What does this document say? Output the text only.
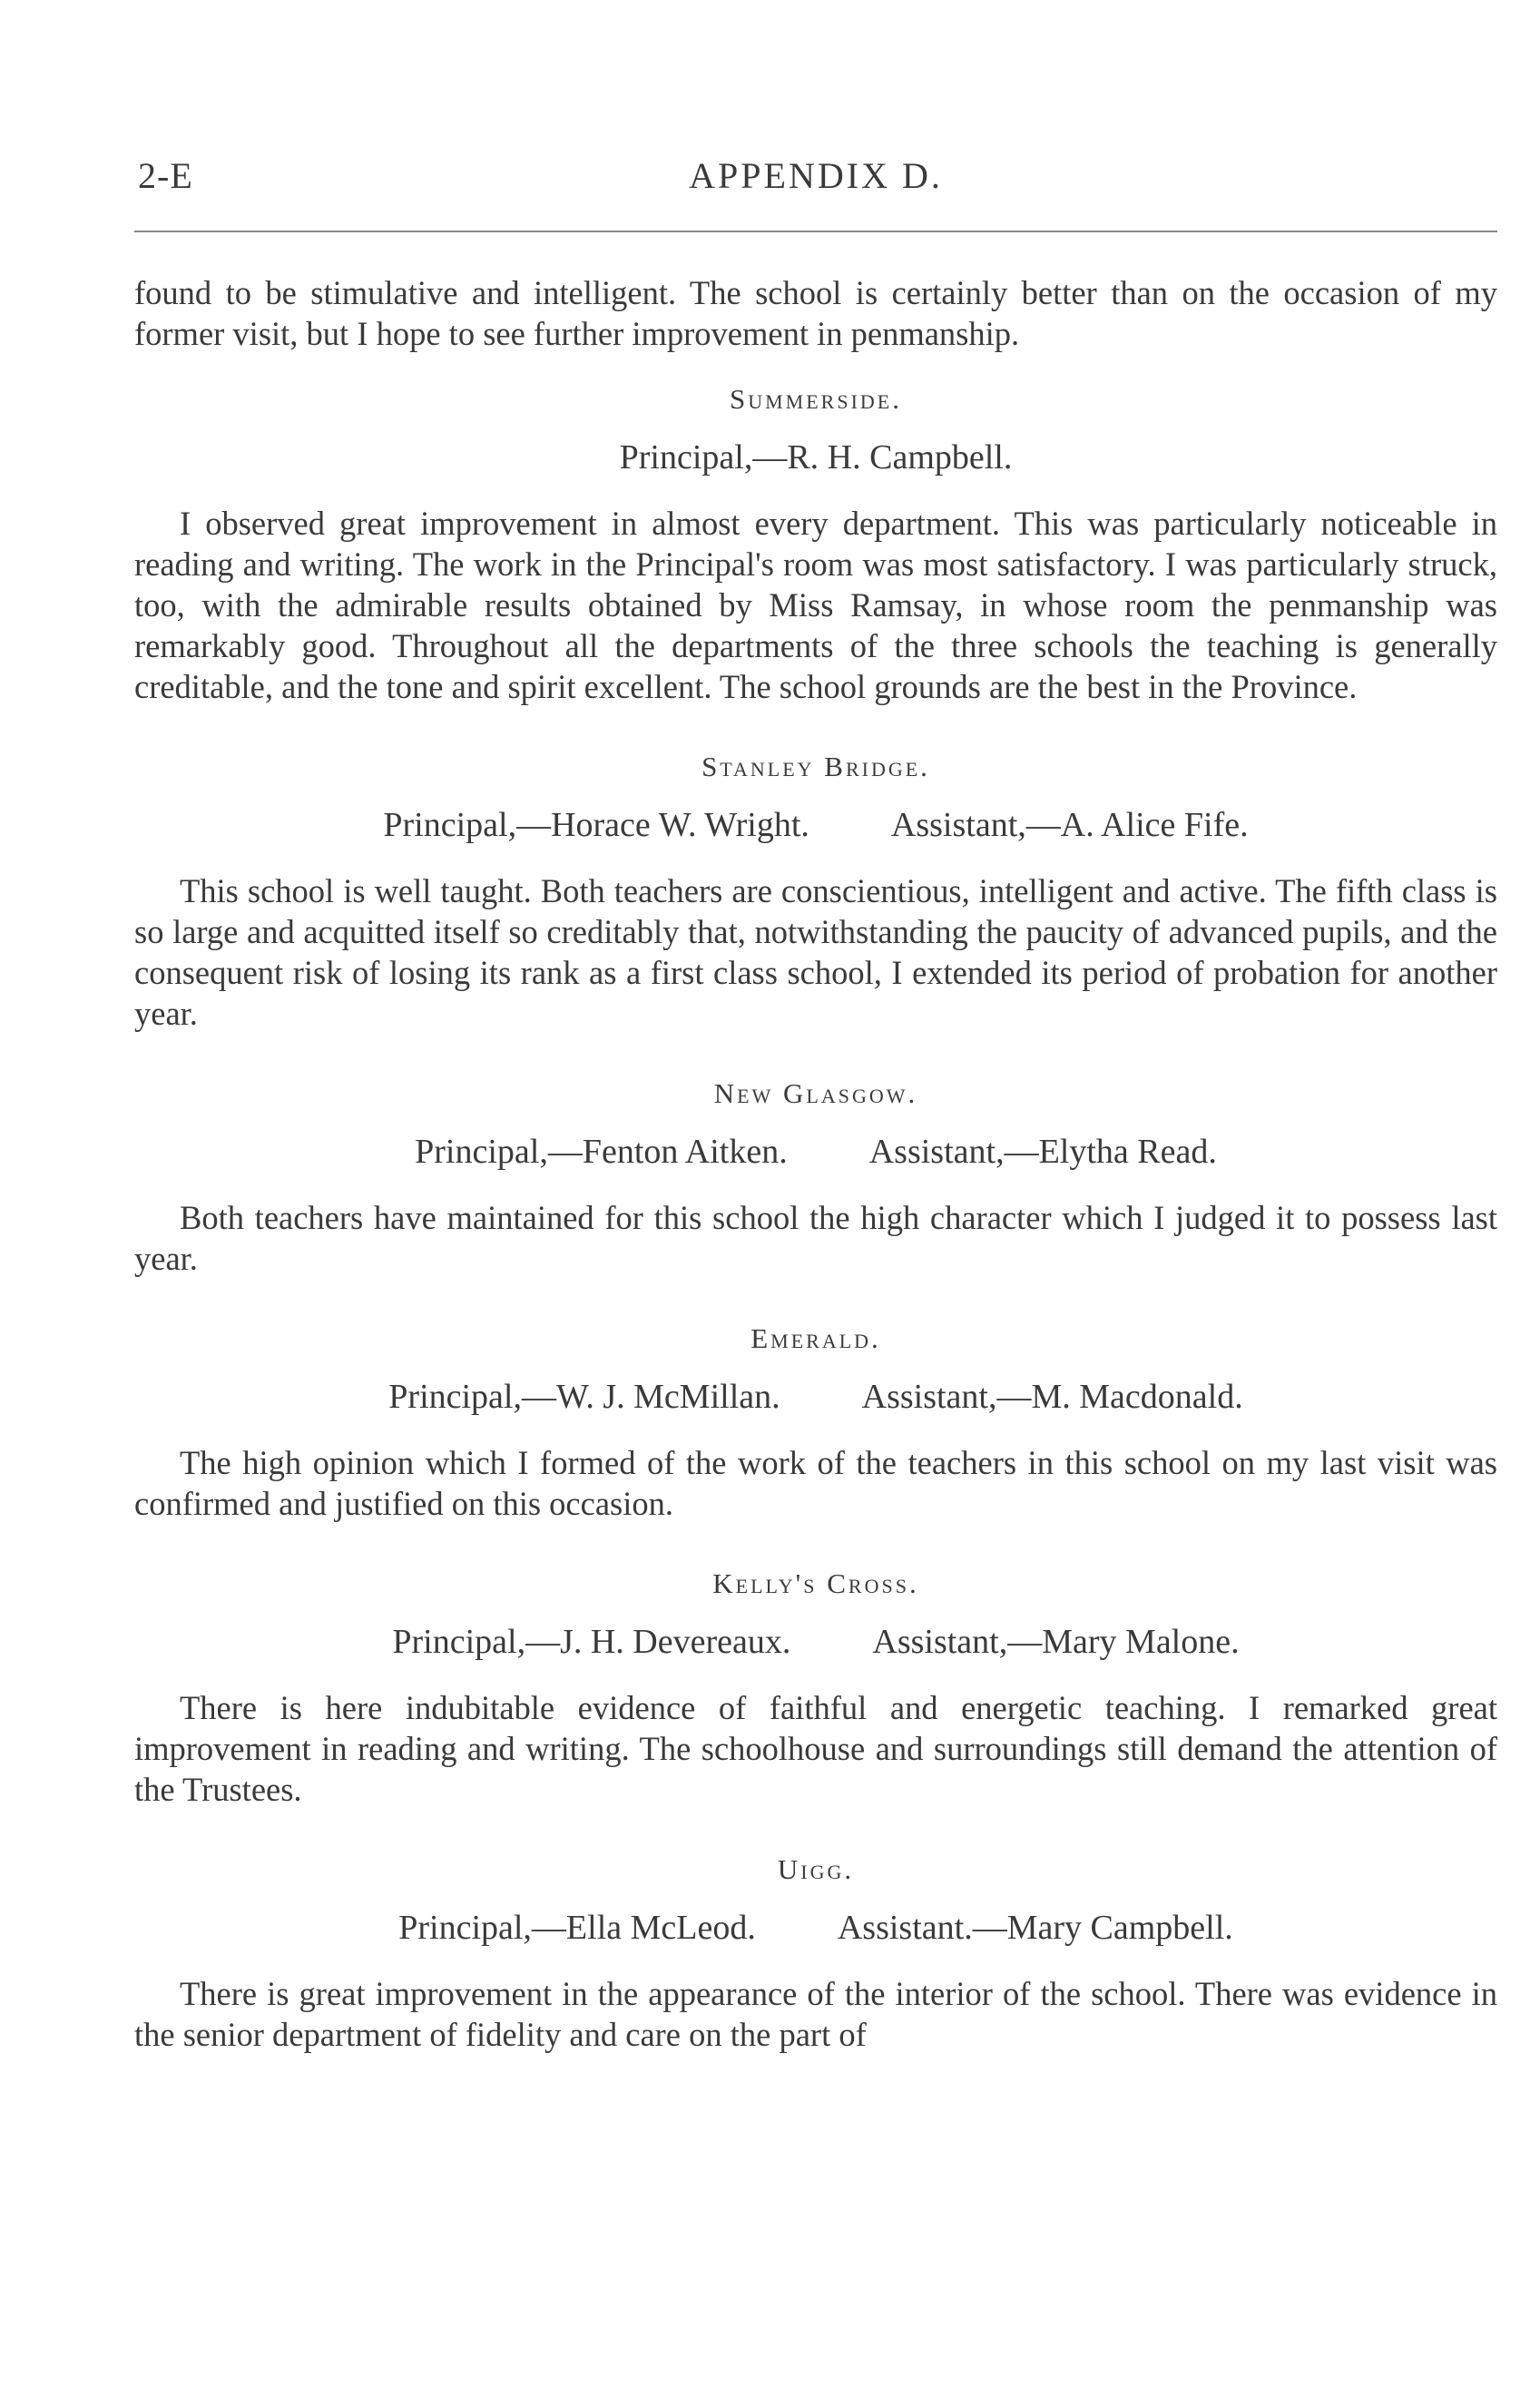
2-E	APPENDIX D.

found to be stimulative and intelligent. The school is certainly better than on the occasion of my former visit, but I hope to see further improvement in penmanship.

Summerside.
Principal,—R. H. Campbell.

I observed great improvement in almost every department. This was particularly noticeable in reading and writing. The work in the Principal's room was most satisfactory. I was particularly struck, too, with the admirable results obtained by Miss Ramsay, in whose room the penmanship was remarkably good. Throughout all the departments of the three schools the teaching is generally creditable, and the tone and spirit excellent. The school grounds are the best in the Province.

Stanley Bridge.
Principal,—Horace W. Wright. Assistant,—A. Alice Fife.

This school is well taught. Both teachers are conscientious, intelligent and active. The fifth class is so large and acquitted itself so creditably that, notwithstanding the paucity of advanced pupils, and the consequent risk of losing its rank as a first class school, I extended its period of probation for another year.

New Glasgow.
Principal,—Fenton Aitken. Assistant,—Elytha Read.

Both teachers have maintained for this school the high character which I judged it to possess last year.

Emerald.
Principal,—W. J. McMillan. Assistant,—M. Macdonald.

The high opinion which I formed of the work of the teachers in this school on my last visit was confirmed and justified on this occasion.

Kelly's Cross.
Principal,—J. H. Devereaux. Assistant,—Mary Malone.

There is here indubitable evidence of faithful and energetic teaching. I remarked great improvement in reading and writing. The schoolhouse and surroundings still demand the attention of the Trustees.

Uigg.
Principal,—Ella McLeod. Assistant.—Mary Campbell.

There is great improvement in the appearance of the interior of the school. There was evidence in the senior department of fidelity and care on the part of
